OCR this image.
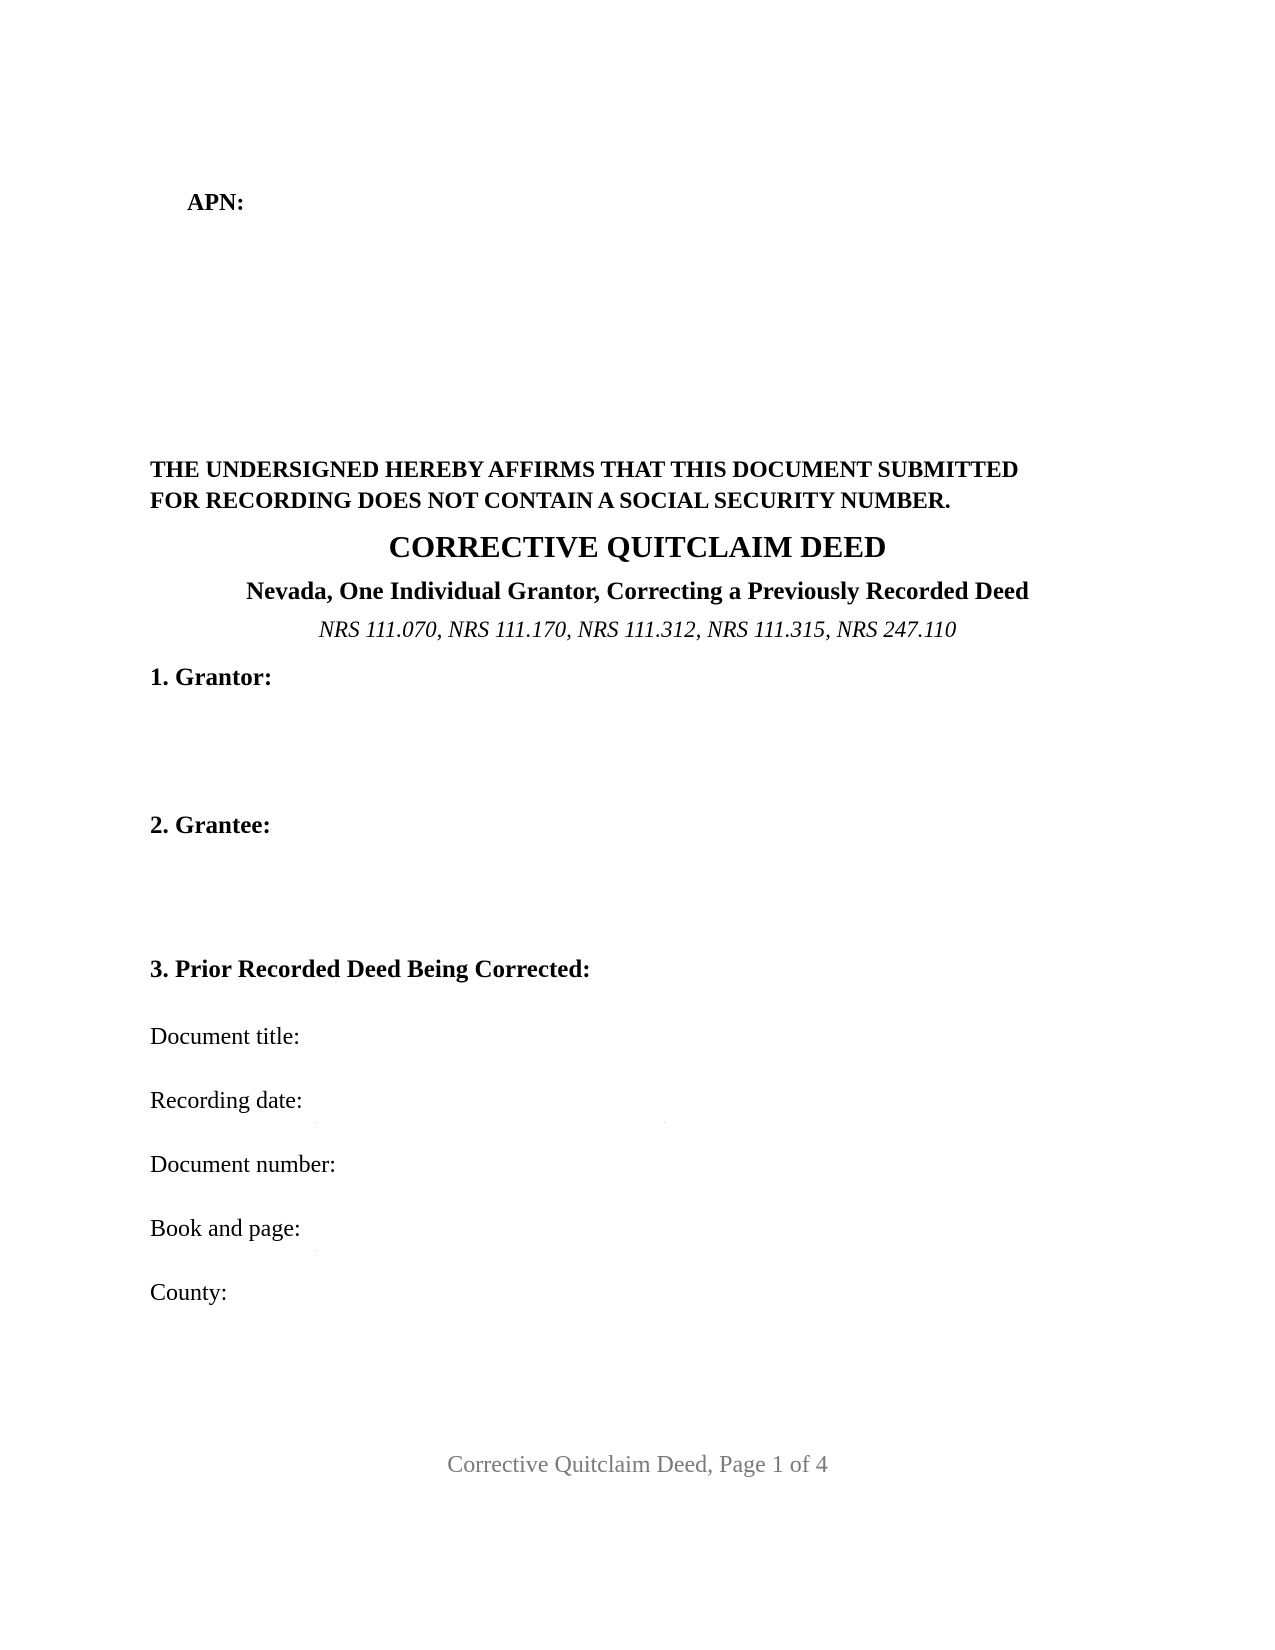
APN:
THE UNDERSIGNED HEREBY AFFIRMS THAT THIS DOCUMENT SUBMITTED
FOR RECORDING DOES NOT CONTAIN A SOCIAL SECURITY NUMBER.
CORRECTIVE QUITCLAIM DEED
Nevada, One Individual Grantor, Correcting a Previously Recorded Deed
NRS 111.070, NRS 111.170, NRS 111.312, NRS 111.315, NRS 247.110
1. Grantor:
2. Grantee:
3. Prior Recorded Deed Being Corrected:
Document title:
Recording date:
Document number:
Book and page:
County:
Corrective Quitclaim Deed, Page 1 of 4
